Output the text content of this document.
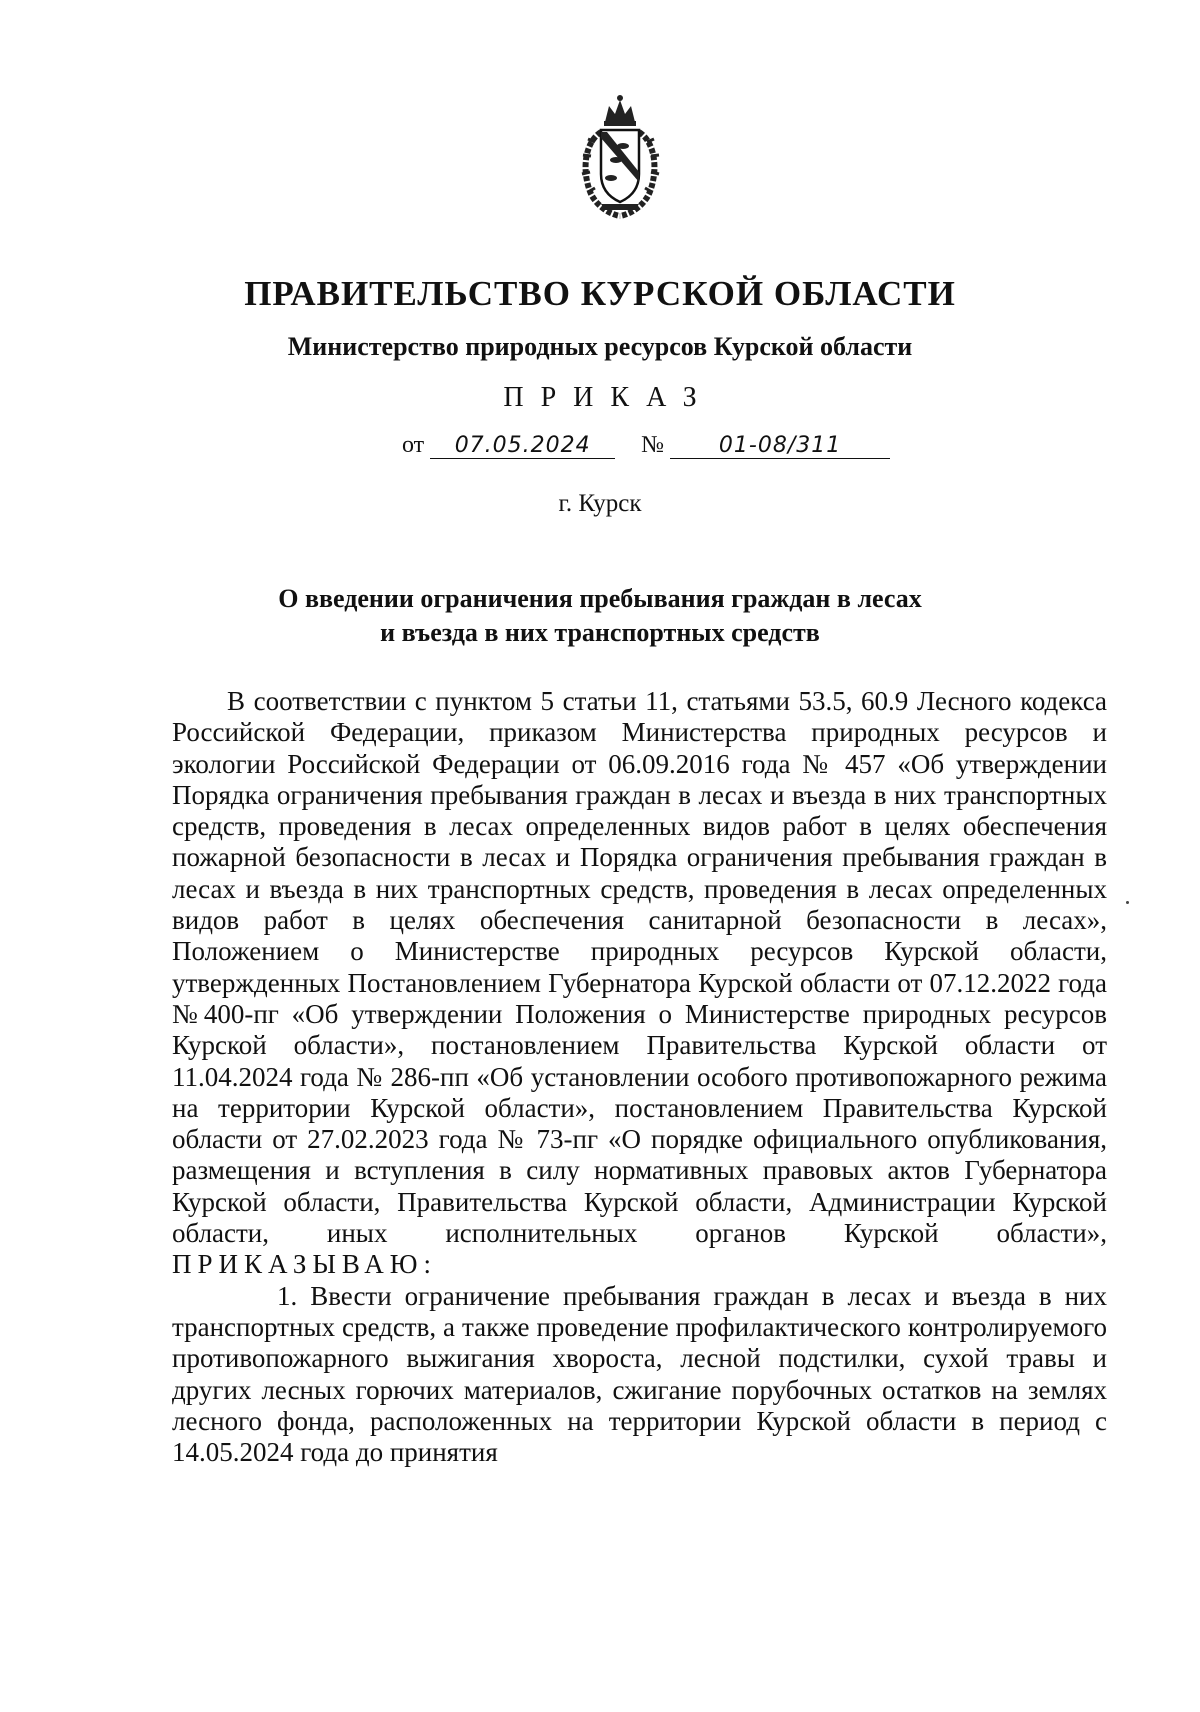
ПРАВИТЕЛЬСТВО КУРСКОЙ ОБЛАСТИ
Министерство природных ресурсов Курской области
ПРИКАЗ
от 07.05.2024 № 01-08/311
г. Курск
О введении ограничения пребывания граждан в лесах
и въезда в них транспортных средств

В соответствии с пунктом 5 статьи 11, статьями 53.5, 60.9 Лесного кодекса Российской Федерации, приказом Министерства природных ресурсов и экологии Российской Федерации от 06.09.2016 года № 457 «Об утверждении Порядка ограничения пребывания граждан в лесах и въезда в них транспортных средств, проведения в лесах определенных видов работ в целях обеспечения пожарной безопасности в лесах и Порядка ограничения пребывания граждан в лесах и въезда в них транспортных средств, проведения в лесах определенных видов работ в целях обеспечения санитарной безопасности в лесах», Положением о Министерстве природных ресурсов Курской области, утвержденных Постановлением Губернатора Курской области от 07.12.2022 года №400-пг «Об утверждении Положения о Министерстве природных ресурсов Курской области», постановлением Правительства Курской области от 11.04.2024 года № 286-пп «Об установлении особого противопожарного режима на территории Курской области», постановлением Правительства Курской области от 27.02.2023 года № 73-пг «О порядке официального опубликования, размещения и вступления в силу нормативных правовых актов Губернатора Курской области, Правительства Курской области, Администрации Курской области, иных исполнительных органов Курской области», ПРИКАЗЫВАЮ:

1. Ввести ограничение пребывания граждан в лесах и въезда в них транспортных средств, а также проведение профилактического контролируемого противопожарного выжигания хвороста, лесной подстилки, сухой травы и других лесных горючих материалов, сжигание порубочных остатков на землях лесного фонда, расположенных на территории Курской области в период с 14.05.2024 года до принятия
